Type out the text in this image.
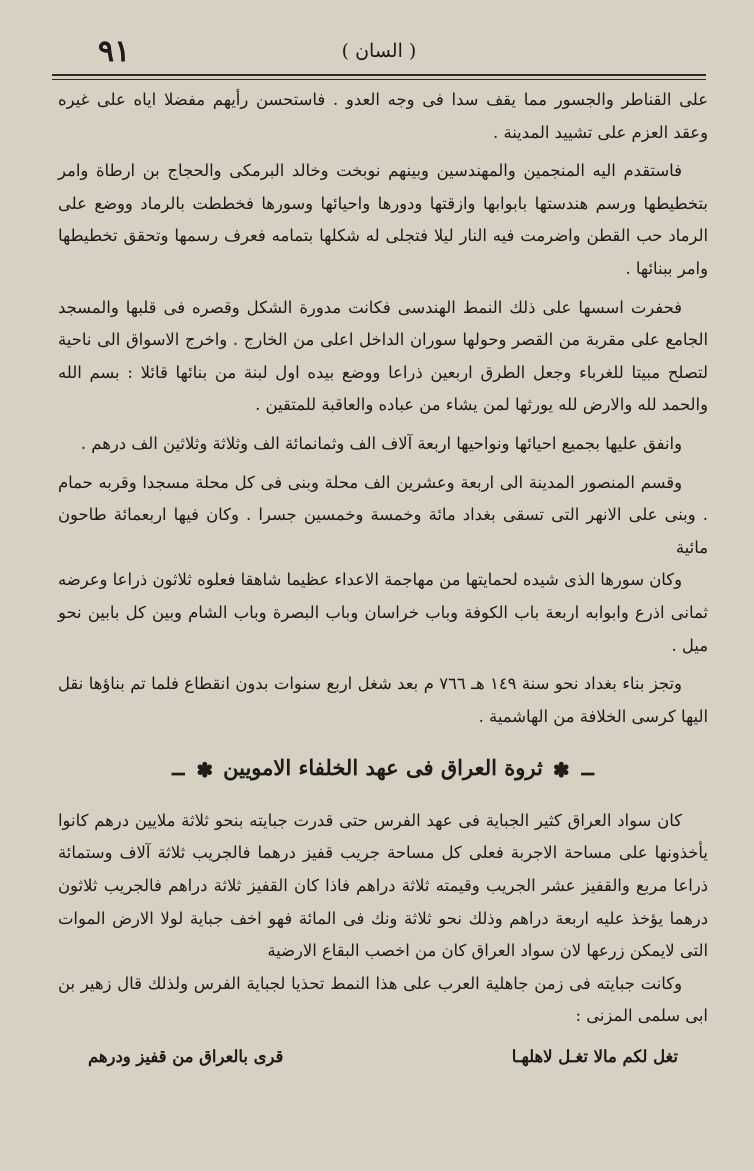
( السان )
٩١

على القناطر والجسور مما يقف سدا فى وجه العدو . فاستحسن رأيهم مفضلا اياه على غيره وعقد العزم على تشييد المدينة .

فاستقدم اليه المنجمين والمهندسين وبينهم نوبخت وخالد البرمكى والحجاج بن ارطاة وامر بتخطيطها ورسم هندستها بابوابها وازقتها ودورها واحيائها وسورها فخططت بالرماد ووضع على الرماد حب القطن واضرمت فيه النار ليلا فتجلى له شكلها بتمامه فعرف رسمها وتحقق تخطيطها وامر ببنائها .

فحفرت اسسها على ذلك النمط الهندسى فكانت مدورة الشكل وقصره فى قلبها والمسجد الجامع على مقربة من القصر وحولها سوران الداخل اعلى من الخارج . واخرج الاسواق الى ناحية لتصلح مبيتا للغرباء وجعل الطرق اربعين ذراعا ووضع بيده اول لبنة من بنائها قائلا : بسم الله والحمد لله والارض لله يورثها لمن يشاء من عباده والعاقبة للمتقين .

وانفق عليها بجميع احيائها ونواحيها اربعة آلاف الف وثمانمائة الف وثلاثة وثلاثين الف درهم .

وقسم المنصور المدينة الى اربعة وعشرين الف محلة وبنى فى كل محلة مسجدا وقربه حمام . وبنى على الانهر التى تسقى بغداد مائة وخمسة وخمسين جسرا . وكان فيها اربعمائة طاحون مائية

وكان سورها الذى شيده لحمايتها من مهاجمة الاعداء عظيما شاهقا فعلوه ثلاثون ذراعا وعرضه ثمانى اذرع وابوابه اربعة باب الكوفة وباب خراسان وباب البصرة وباب الشام وبين كل بابين نحو ميل .

وتجز بناء بغداد نحو سنة ١٤٩ هـ ٧٦٦ م بعد شغل اربع سنوات بدون انقطاع فلما تم بناؤها نقل اليها كرسى الخلافة من الهاشمية .

ــ✽ثروة العراق فى عهد الخلفاء الامويين✽ــ

كان سواد العراق كثير الجباية فى عهد الفرس حتى قدرت جبايته بنحو ثلاثة ملايين درهم كانوا يأخذونها على مساحة الاجربة فعلى كل مساحة جريب قفيز درهما فالجريب ثلاثة آلاف وستمائة ذراعا مربع والقفيز عشر الجريب وقيمته ثلاثة دراهم فاذا كان القفيز ثلاثة دراهم فالجريب ثلاثون درهما يؤخذ عليه اربعة دراهم وذلك نحو ثلاثة ونك فى المائة فهو اخف جباية لولا الارض الموات التى لايمكن زرعها لان سواد العراق كان من اخصب البقاع الارضية

وكانت جبايته فى زمن جاهلية العرب على هذا النمط تحذيا لجباية الفرس ولذلك قال زهير بن ابى سلمى المزنى :

تغل لكم مالا تغـل لاهلهـا
قرى بالعراق من قفيز ودرهم
